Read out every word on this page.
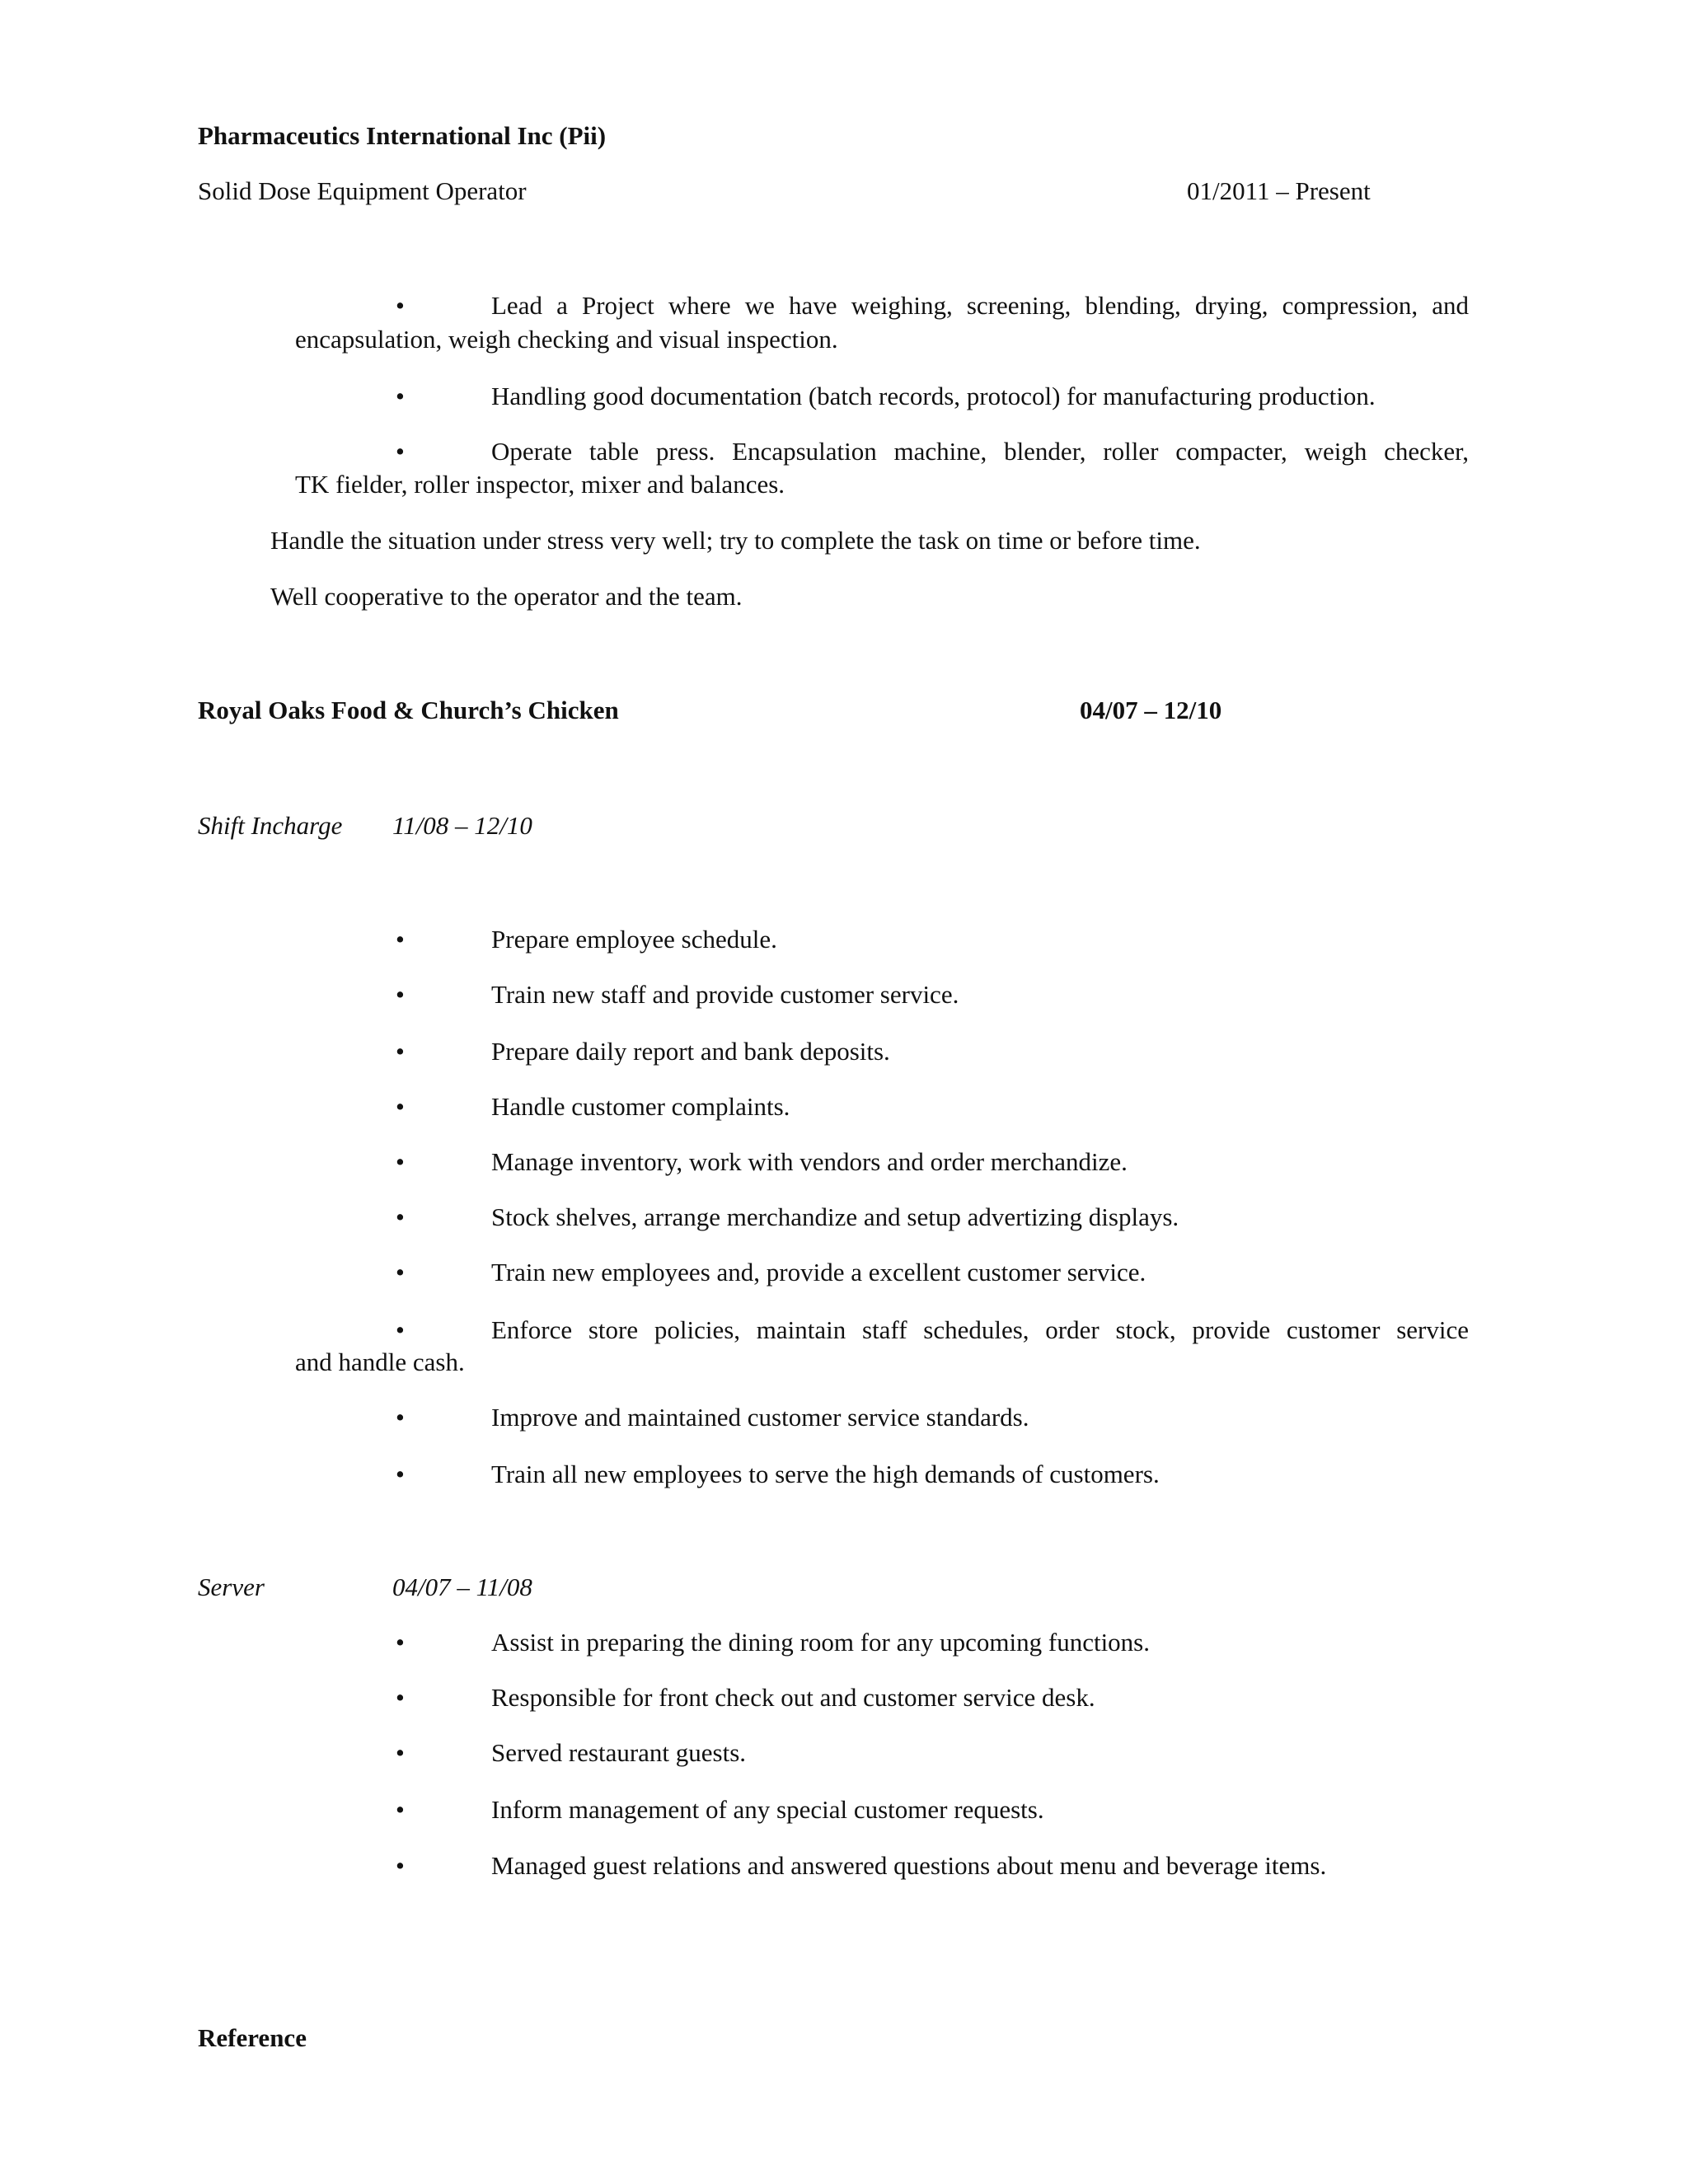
Pharmaceutics International Inc (Pii)
Solid Dose Equipment Operator	01/2011 – Present
•	Lead a Project where we have weighing, screening, blending, drying, compression, and
encapsulation, weigh checking and visual inspection.
•	Handling good documentation (batch records, protocol) for manufacturing production.
•	Operate table press. Encapsulation machine, blender, roller compacter, weigh checker,
TK fielder, roller inspector, mixer and balances.
Handle the situation under stress very well; try to complete the task on time or before time.
Well cooperative to the operator and the team.
Royal Oaks Food & Church’s Chicken	04/07 – 12/10
Shift Incharge 11/08 – 12/10
•	Prepare employee schedule.
•	Train new staff and provide customer service.
•	Prepare daily report and bank deposits.
•	Handle customer complaints.
•	Manage inventory, work with vendors and order merchandize.
•	Stock shelves, arrange merchandize and setup advertizing displays.
•	Train new employees and, provide a excellent customer service.
•	Enforce store policies, maintain staff schedules, order stock, provide customer service
and handle cash.
•	Improve and maintained customer service standards.
•	Train all new employees to serve the high demands of customers.
Server	04/07 – 11/08
•	Assist in preparing the dining room for any upcoming functions.
•	Responsible for front check out and customer service desk.
•	Served restaurant guests.
•	Inform management of any special customer requests.
•	Managed guest relations and answered questions about menu and beverage items.
Reference
